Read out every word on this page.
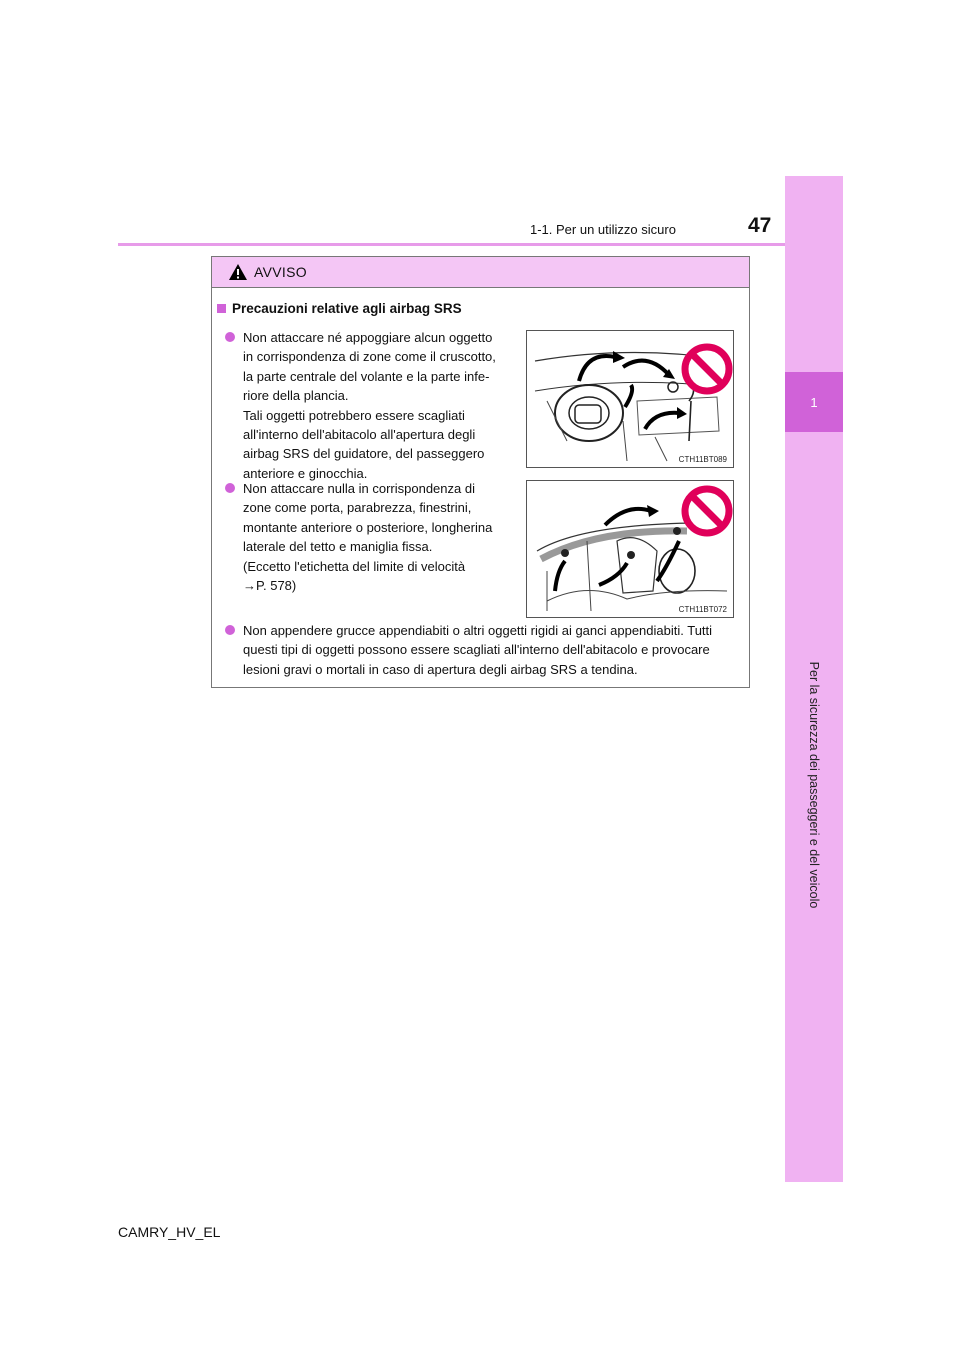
1
Per la sicurezza dei passeggeri e del veicolo
1-1. Per un utilizzo sicuro	47
AVVISO
Precauzioni relative agli airbag SRS
Non attaccare né appoggiare alcun oggetto
in corrispondenza di zone come il cruscotto,
la parte centrale del volante e la parte infe-
riore della plancia.
Tali oggetti potrebbero essere scagliati
all'interno dell'abitacolo all'apertura degli
airbag SRS del guidatore, del passeggero
anteriore e ginocchia.
CTH11BT089
Non attaccare nulla in corrispondenza di
zone come porta, parabrezza, finestrini,
montante anteriore o posteriore, longherina
laterale del tetto e maniglia fissa.
(Eccetto l'etichetta del limite di velocità
→P. 578)
CTH11BT072
Non appendere grucce appendiabiti o altri oggetti rigidi ai ganci appendiabiti. Tutti
questi tipi di oggetti possono essere scagliati all'interno dell'abitacolo e provocare
lesioni gravi o mortali in caso di apertura degli airbag SRS a tendina.
CAMRY_HV_EL
